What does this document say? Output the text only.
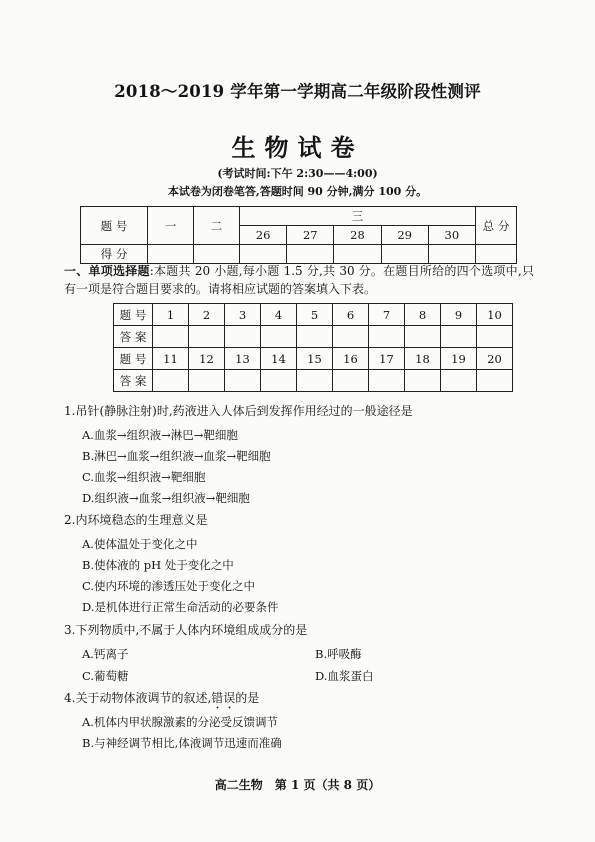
2018～2019 学年第一学期高二年级阶段性测评
生物试卷
(考试时间:下午 2:30——4:00)
本试卷为闭卷笔答,答题时间 90 分钟,满分 100 分。
题 号	一	二	三					总 分
			26	27	28	29	30	
得 分								
一、单项选择题:本题共 20 小题,每小题 1.5 分,共 30 分。在题目所给的四个选项中,只有一项是符合题目要求的。请将相应试题的答案填入下表。
题 号	1	2	3	4	5	6	7	8	9	10
答 案										
题 号	11	12	13	14	15	16	17	18	19	20
答 案										
1.吊针(静脉注射)时,药液进入人体后到发挥作用经过的一般途径是
A.血浆→组织液→淋巴→靶细胞
B.淋巴→血浆→组织液→血浆→靶细胞
C.血浆→组织液→靶细胞
D.组织液→血浆→组织液→靶细胞
2.内环境稳态的生理意义是
A.使体温处于变化之中
B.使体液的 pH 处于变化之中
C.使内环境的渗透压处于变化之中
D.是机体进行正常生命活动的必要条件
3.下列物质中,不属于人体内环境组成成分的是
A.钙离子	B.呼吸酶
C.葡萄糖	D.血浆蛋白
4.关于动物体液调节的叙述,错误的是
A.机体内甲状腺激素的分泌受反馈调节
B.与神经调节相比,体液调节迅速而准确
高二生物　第 1 页（共 8 页）
